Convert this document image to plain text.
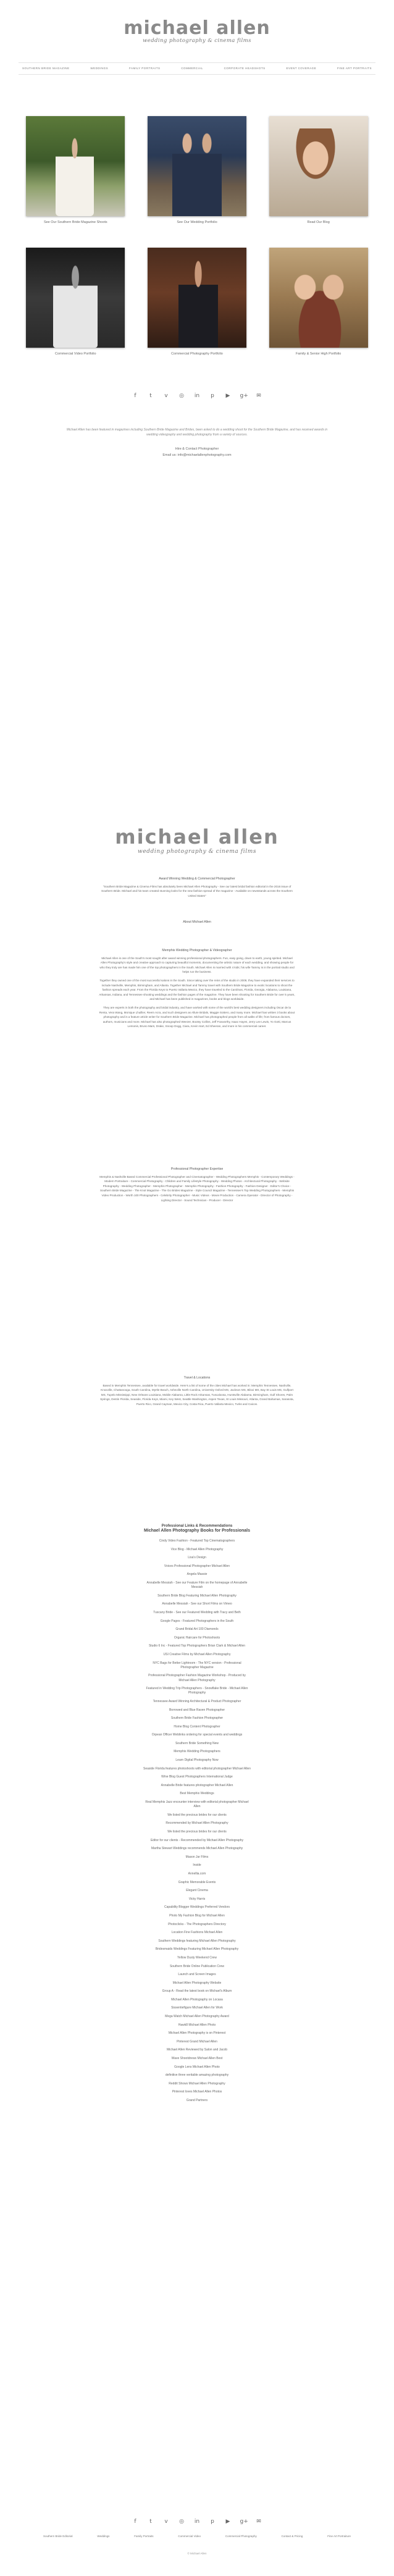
michael allen
wedding photography & cinema films
SOUTHERN BRIDE MAGAZINE	WEDDINGS	FAMILY PORTRAITS	COMMERCIAL	CORPORATE HEADSHOTS	EVENT COVERAGE	FINE ART PORTRAITS
See Our Southern Bride Magazine Shoots	See Our Wedding Portfolio	Read Our Blog
Commercial Video Portfolio	Commercial Photography Portfolio	Family & Senior High Portfolio
f	t	v	◎ in p ▶ g+ ✉
Michael Allen has been featured in magazines including Southern Bride Magazine and Brides, been asked to do a wedding shoot for the Southern Bride Magazine, and has received awards in wedding videography and wedding photography from a variety of sources.
Hire & Contact Photographer
Email us: info@michaelallenphotography.com
michael allen
wedding photography & cinema films
Award Winning Wedding & Commercial Photographer

"Southern Bride Magazine & Cinema Films has absolutely been Michael Allen Photography - See our latest bridal fashion editorial in the 2016 issue of Southern Bride. Michael and his team created stunning looks for the new fashion spread of the magazine - Available on newsstands across the Southern United States"

About Michael Allen
Memphis Wedding Photographer & Videographer

Michael Allen is one of the South's most sought after award winning professional photographers. Fun, easy going, down to earth, young spirited. Michael Allen Photography's style and creative approach to capturing beautiful moments, documenting the artistic nature of each wedding, and showing people for who they truly are has made him one of the top photographers in the South. Michael Allen is married with 4 kids; his wife Tammy is in the portrait studio and helps run the business.

Together they owned one of the most successful salons in the South. Since taking over the reins of the studio in 2009, they have expanded their services to include Nashville, Memphis, Birmingham, and Atlanta. Together Michael and Tammy travel with Southern Bride Magazine to exotic locations to shoot the fashion spreads each year. From the Florida Keys to Puerto Vallarta Mexico, they have traveled to the Carolinas, Florida, Georgia, Alabama, Louisiana, Arkansas, Indiana, and Tennessee shooting weddings and the fashion pages of the magazine. They have been shooting for Southern Bride for over 5 years, and Michael has been published in magazines, books and blogs worldwide.

They are experts in both the photography and bridal industry, and have worked with some of the world's best wedding designers including Oscar de la Renta, Vera Wang, Monique Lhuillier, Reem Acra, and such designers as Allure Bridals, Maggie Sottero, and many more. Michael has written 3 books about photography and is a feature article writer for Southern Bride Magazine. Michael has photographed people from all walks of life; from famous doctors, authors, musicians and more. Michael has also photographed Weezer, Bootsy Collins, Jeff Foxworthy, Isaac Hayes, Jerry Lee Lewis, Yo Gotti, Marcus Lemonis, Bruno Mars, Drake, Snoop Dogg, Ciara, Kevin Hart, Ed Sheeran, and more in his commercial career.

Professional Photographer Expertise

Memphis & Nashville Based Commercial Professional Photographer and Cinematographer - Wedding Photographers Memphis - Contemporary Weddings - Modern Portraiture - Commercial Photography - Children and Family Lifestyle Photography - Wedding Photos - Architectural Photography - Website Photography - Wedding Photographer - Memphis Photographer - Memphis Photography - Fashion Photography - Fashion Designer - Editor's Choice - Southern Bride Magazine - The Knot Magazine - The Go Brides Magazine - Style Council Magazine - Tennessee's Top Wedding Photographers - Memphis Video Production - Worth 100 Photographers - Celebrity Photographer - Music Videos - Movie Production - Camera Operator - Director of Photography - Lighting Director - Sound Technician - Producer - Director

Travel & Locations

Based in Memphis Tennessee, available for travel worldwide. Here's a list of some of the cities Michael has worked in: Memphis Tennessee, Nashville, Knoxville, Chattanooga, South Carolina, Myrtle Beach, Asheville North Carolina, University Oxford MS, Jackson MS, Biloxi MS, Bay St Louis MS, Gulfport MS, Tupelo Mississippi, New Orleans Louisiana, Mobile Alabama, Little Rock Arkansas, Tuscaloosa, Huntsville Alabama, Birmingham, Gulf Shores, Palm Springs, Destin Florida, Seaside, Florida Keys, Miami, Key West, Seattle Washington, Aspen Texas, St Louis Missouri, Atlanta, Grand Bahamas, Sarasota, Puerto Rico, Grand Cayman, Mexico City, Costa Rica, Puerto Vallarta Mexico, Turks and Caicos.

Professional Links & Recommendations
Michael Allen Photography Books for Professionals
Cindy Video Fashion - Featured Top Cinematographers
Vice Blog - Michael Allen Photography
Lisa's Design
Voices Professional Photographer Michael Allen
Angela Massie
Annabelle Messiah - See our Feature Film on the homepage of Annabelle Messiah
Southern Bride Blog Featuring Michael Allen Photography
Annabelle Messiah - See our Short Films on Vimeo
Tuscany Bride - See our Featured Wedding with Tracy and Beth
Google Pages - Featured Photographers in the South
Grand Bridal Art 100 Diamonds
Organic Haircare for Photoshoots
Studio 6 Inc - Featured Top Photographers Brian Clark & Michael Allen
USI Creative Films by Michael Allen Photography
NYC Bags for Better Lightroom - The NYC version - Professional Photographer Magazine
Professional Photographer Fashion Magazine Workshop - Produced by Michael Allen Photography
Featured in Wedding Trip Photographers - Snowflake Bride - Michael Allen Photography
Tennessee Award Winning Architectural & Product Photographer
Borrowed and Blue Raven Photographer
Southern Bride Fashion Photographer
Home Blog Content Photographer
Orpean Officer Weblinks ordering for special events and weddings
Southern Bride Something New
Memphis Wedding Photographers
Learn Digital Photography Now
Seaside Florida features photoshoots with editorial photographer Michael Allen
Wine Blog Guest Photographers International Judge
Annabelle Bride features photographer Michael Allen
Best Memphis Weddings
Real Memphis Jazz encounter interview with editorial photographer Michael Allen
We listed the precious brides for our clients
Recommended by Michael Allen Photography
We listed the precious brides for our clients
Editor for our clients - Recommended by Michael Allen Photography
Martha Stewart Weddings recommends Michael Allen Photography
Mason Jar Films
Inside
Annellia.com
Graphic Memorable Events
Elegant Cinema
Vicky Harris
Capability Blogger Weddings Preferred Vendors
Photo My Fashion Blog for Michael Allen
Photoclicks - The Photographers Directory
Location Fine Fashions Michael Allen
Southern Weddings featuring Michael Allen Photography
Bridesmaids Weddings Featuring Michael Allen Photography
Yellow Dusty Weekend Crew
Southern Bride Online Publication Crew
Launch and Screen Images
Michael Allen Photography Website
Group A - Read the latest book on Michael's Album
Michael Allen Photography on Locasa
Sissentiefigure Michael Allen for Work
Mega Watch Michael Allen Photography Award
Hawk8 Michael Allen Photo
Michael Allen Photography is on Pinterest
Pinterest Grand Michael Allen
Michael Allen Reviewed by Salon and Jacob
Wave Shootdrews Michael Allen Best
Google Lens Michael Allen Photo
definitive three veritable amazing photography
Reddit Shows Michael Allen Photography
Pinterest loves Michael Allen Photos
Grand Partners
f	t	v	◎ in p ▶ g+ ✉
Southern Bride Editorial	Weddings	Family Portraits	Commercial Video	Commercial Photography	Contact & Pricing	Fine Art Portraiture
© Michael Allen
